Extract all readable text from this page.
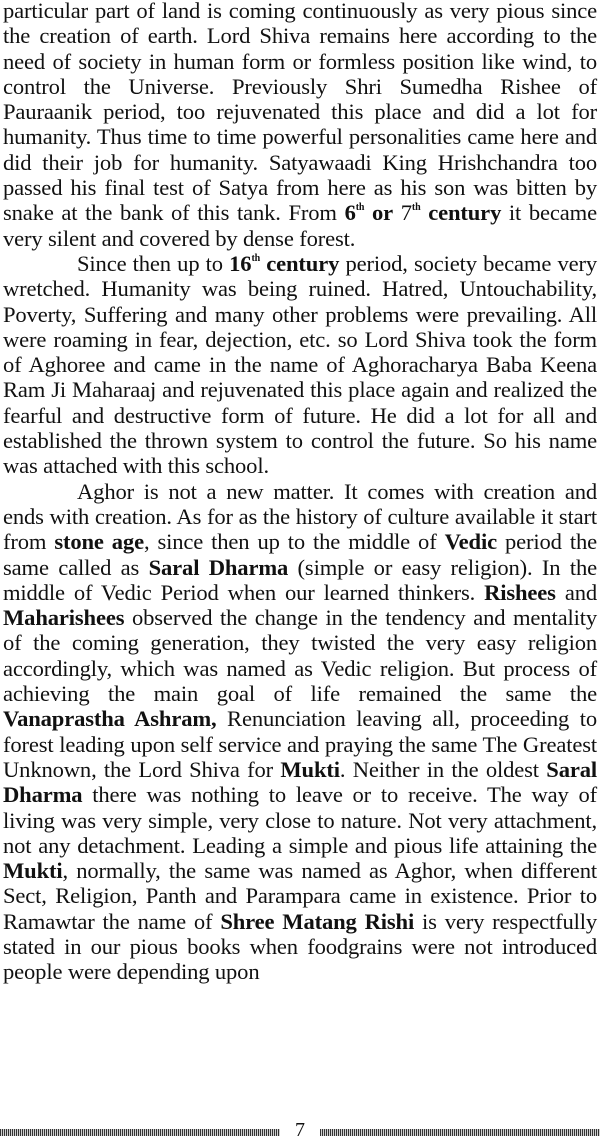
particular part of land is coming continuously as very pious since the creation of earth. Lord Shiva remains here according to the need of society in human form or formless position like wind, to control the Universe. Previously Shri Sumedha Rishee of Pauraanik period, too rejuvenated this place and did a lot for humanity. Thus time to time powerful personalities came here and did their job for humanity. Satyawaadi King Hrishchandra too passed his final test of Satya from here as his son was bitten by snake at the bank of this tank. From 6th or 7th century it became very silent and covered by dense forest.

Since then up to 16th century period, society became very wretched. Humanity was being ruined. Hatred, Untouchability, Poverty, Suffering and many other problems were prevailing. All were roaming in fear, dejection, etc. so Lord Shiva took the form of Aghoree and came in the name of Aghoracharya Baba Keena Ram Ji Maharaaj and rejuvenated this place again and realized the fearful and destructive form of future. He did a lot for all and established the thrown system to control the future. So his name was attached with this school.

Aghor is not a new matter. It comes with creation and ends with creation. As for as the history of culture available it start from stone age, since then up to the middle of Vedic period the same called as Saral Dharma (simple or easy religion). In the middle of Vedic Period when our learned thinkers. Rishees and Maharishees observed the change in the tendency and mentality of the coming generation, they twisted the very easy religion accordingly, which was named as Vedic religion. But process of achieving the main goal of life remained the same the Vanaprastha Ashram, Renunciation leaving all, proceeding to forest leading upon self service and praying the same The Greatest Unknown, the Lord Shiva for Mukti. Neither in the oldest Saral Dharma there was nothing to leave or to receive. The way of living was very simple, very close to nature. Not very attachment, not any detachment. Leading a simple and pious life attaining the Mukti, normally, the same was named as Aghor, when different Sect, Religion, Panth and Parampara came in existence. Prior to Ramawtar the name of Shree Matang Rishi is very respectfully stated in our pious books when foodgrains were not introduced people were depending upon

7
